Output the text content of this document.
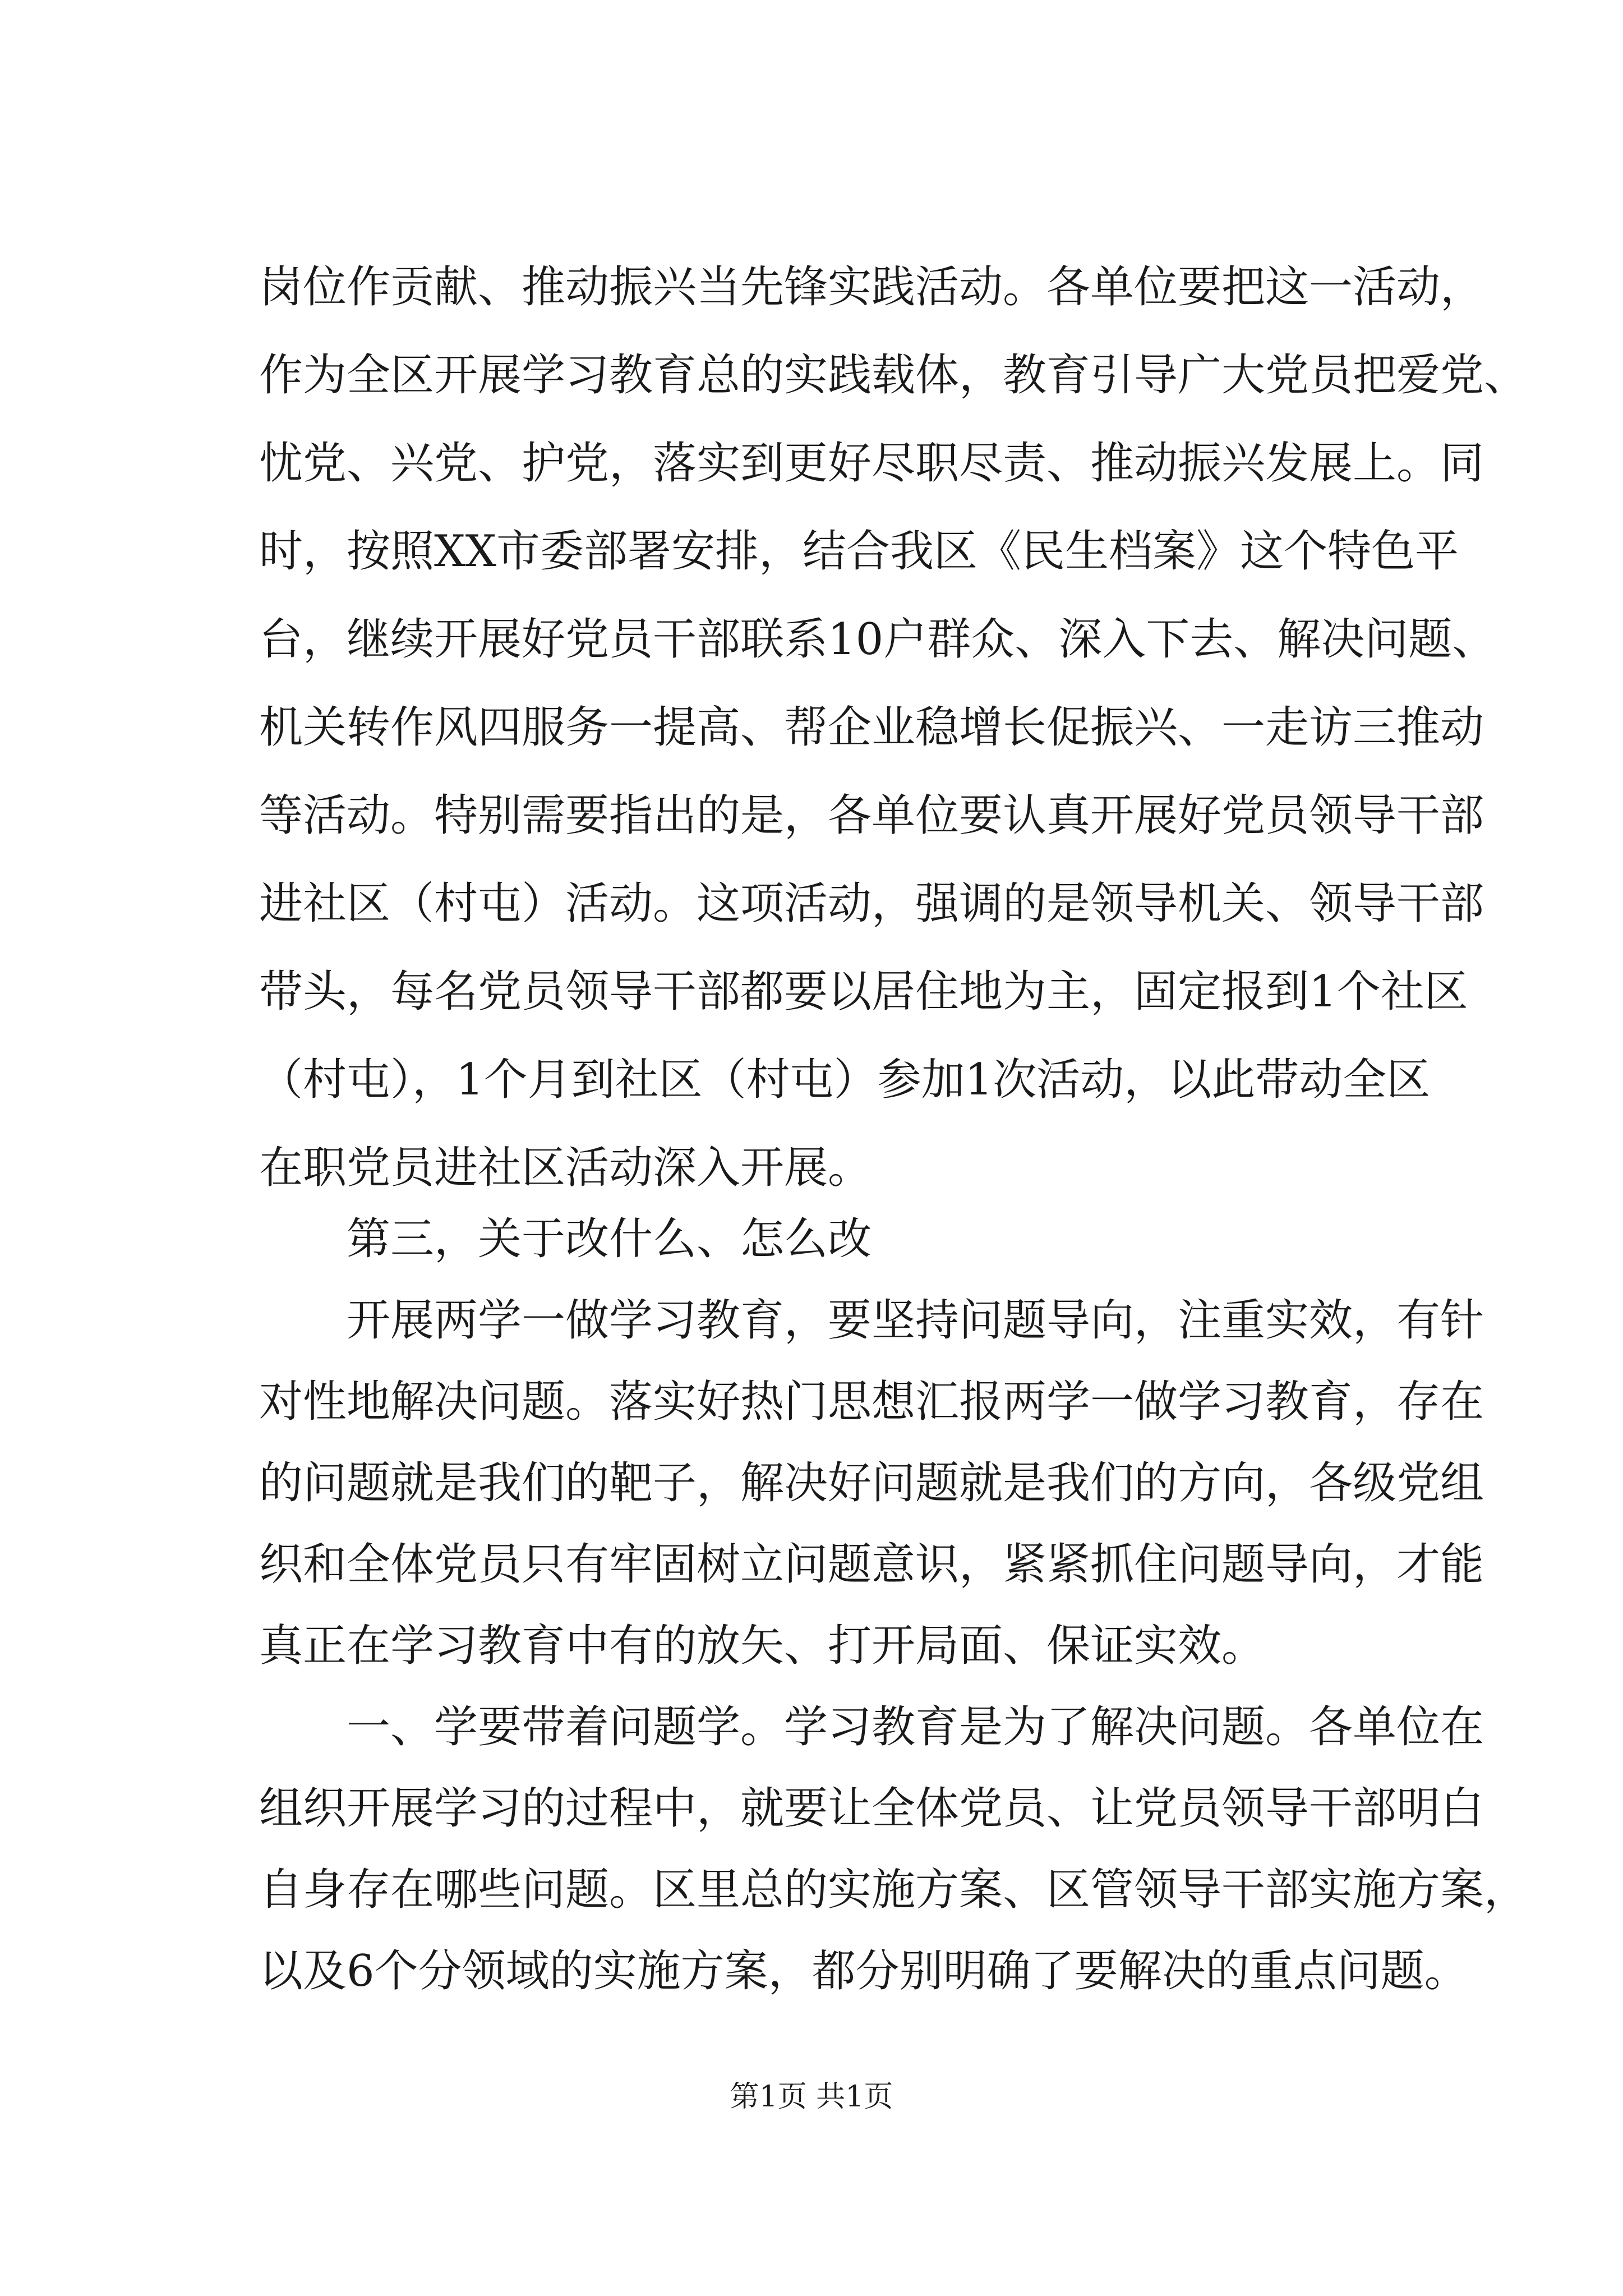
岗位作贡献、推动振兴当先锋实践活动。各单位要把这一活动，
作为全区开展学习教育总的实践载体，教育引导广大党员把爱党、
忧党、兴党、护党，落实到更好尽职尽责、推动振兴发展上。同
时，按照XX市委部署安排，结合我区《民生档案》这个特色平
台，继续开展好党员干部联系10户群众、深入下去、解决问题、
机关转作风四服务一提高、帮企业稳增长促振兴、一走访三推动
等活动。特别需要指出的是，各单位要认真开展好党员领导干部
进社区（村屯）活动。这项活动，强调的是领导机关、领导干部
带头，每名党员领导干部都要以居住地为主，固定报到1个社区
（村屯），1个月到社区（村屯）参加1次活动，以此带动全区
在职党员进社区活动深入开展。
第三，关于改什么、怎么改
开展两学一做学习教育，要坚持问题导向，注重实效，有针
对性地解决问题。落实好热门思想汇报两学一做学习教育，存在
的问题就是我们的靶子，解决好问题就是我们的方向，各级党组
织和全体党员只有牢固树立问题意识，紧紧抓住问题导向，才能
真正在学习教育中有的放矢、打开局面、保证实效。
一、学要带着问题学。学习教育是为了解决问题。各单位在
组织开展学习的过程中，就要让全体党员、让党员领导干部明白
自身存在哪些问题。区里总的实施方案、区管领导干部实施方案，
以及6个分领域的实施方案，都分别明确了要解决的重点问题。
第1页 共1页
